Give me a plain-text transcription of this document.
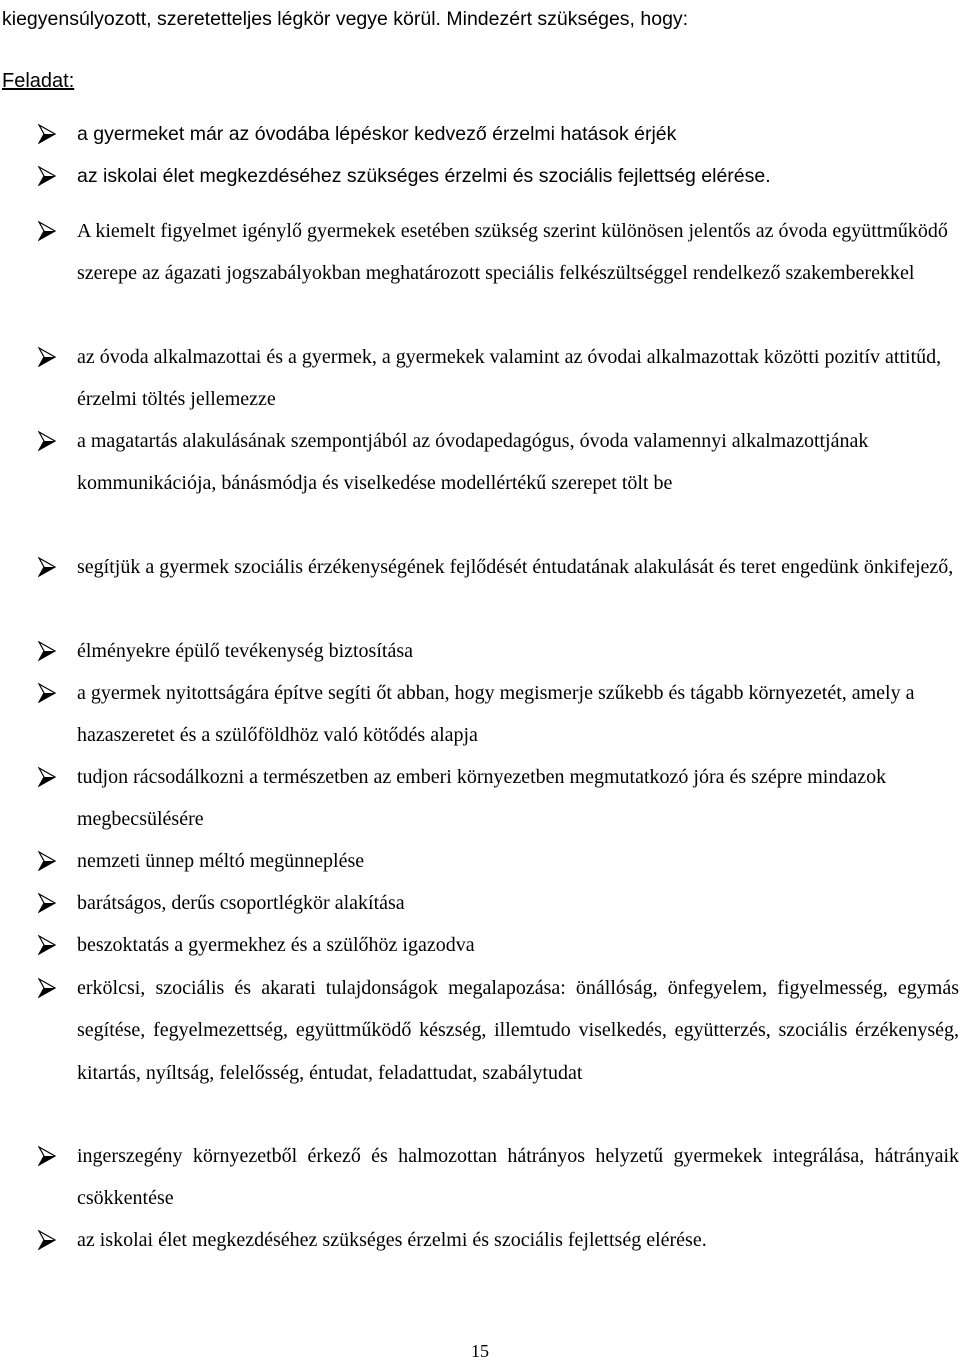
kiegyensúlyozott, szeretetteljes légkör vegye körül. Mindezért szükséges, hogy:
Feladat:
a gyermeket már az óvodába lépéskor kedvező érzelmi hatások érjék
az iskolai élet megkezdéséhez szükséges érzelmi és szociális fejlettség elérése.
A kiemelt figyelmet igénylő gyermekek esetében szükség szerint különösen jelentős az óvoda együttműködő szerepe az ágazati jogszabályokban meghatározott speciális felkészültséggel rendelkező szakemberekkel
az óvoda alkalmazottai és a gyermek, a gyermekek valamint az óvodai alkalmazottak közötti pozitív attitűd, érzelmi töltés jellemezze
a magatartás alakulásának szempontjából az óvodapedagógus, óvoda valamennyi alkalmazottjának kommunikációja, bánásmódja és viselkedése modellértékű szerepet tölt be
segítjük a gyermek szociális érzékenységének fejlődését éntudatának alakulását és teret engedünk önkifejező,
élményekre épülő tevékenység biztosítása
a gyermek nyitottságára építve segíti őt abban, hogy megismerje szűkebb és tágabb környezetét, amely a hazaszeretet és a szülőföldhöz való kötődés alapja
tudjon rácsodálkozni a természetben az emberi környezetben megmutatkozó jóra és szépre mindazok megbecsülésére
nemzeti ünnep méltó megünneplése
barátságos, derűs csoportlégkör alakítása
beszoktatás a gyermekhez és a szülőhöz igazodva
erkölcsi, szociális és akarati tulajdonságok megalapozása: önállóság, önfegyelem, figyelmesség, egymás segítése, fegyelmezettség, együttműködő készség, illemtudo viselkedés, együtterzés, szociális érzékenység, kitartás, nyíltság, felelősség, éntudat, feladattudat, szabálytudat
ingerszegény környezetből érkező és halmozottan hátrányos helyzetű gyermekek integrálása, hátrányaik csökkentése
az iskolai élet megkezdéséhez szükséges érzelmi és szociális fejlettség elérése.
15
